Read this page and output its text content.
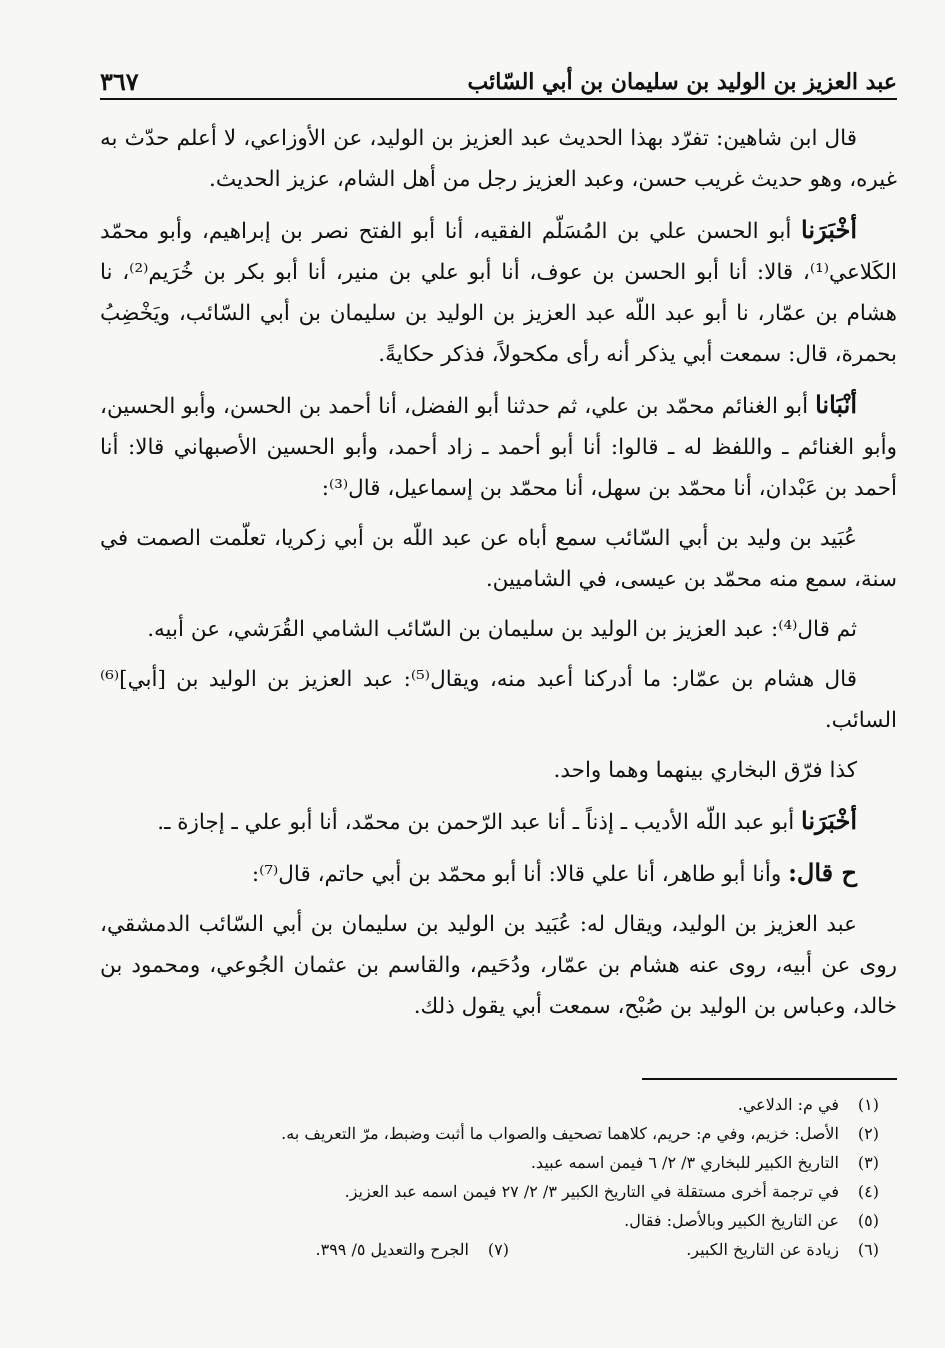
عبد العزيز بن الوليد بن سليمان بن أبي السّائب
٣٦٧

قال ابن شاهين: تفرّد بهذا الحديث عبد العزيز بن الوليد، عن الأوزاعي، لا أعلم حدّث به غيره، وهو حديث غريب حسن، وعبد العزيز رجل من أهل الشام، عزيز الحديث.

أخْبَرَنا أبو الحسن علي بن المُسَلّم الفقيه، أنا أبو الفتح نصر بن إبراهيم، وأبو محمّد الكَلاعي⁽¹⁾، قالا: أنا أبو الحسن بن عوف، أنا أبو علي بن منير، أنا أبو بكر بن خُرَيم⁽²⁾، نا هشام بن عمّار، نا أبو عبد اللّه عبد العزيز بن الوليد بن سليمان بن أبي السّائب، ويَخْضِبُ بحمرة، قال: سمعت أبي يذكر أنه رأى مكحولاً، فذكر حكايةً.

أنْبَانا أبو الغنائم محمّد بن علي، ثم حدثنا أبو الفضل، أنا أحمد بن الحسن، وأبو الحسين، وأبو الغنائم ـ واللفظ له ـ قالوا: أنا أبو أحمد ـ زاد أحمد، وأبو الحسين الأصبهاني قالا: أنا أحمد بن عَبْدان، أنا محمّد بن سهل، أنا محمّد بن إسماعيل، قال⁽³⁾:

عُبَيد بن وليد بن أبي السّائب سمع أباه عن عبد اللّه بن أبي زكريا، تعلّمت الصمت في سنة، سمع منه محمّد بن عيسى، في الشاميين.

ثم قال⁽⁴⁾: عبد العزيز بن الوليد بن سليمان بن السّائب الشامي القُرَشي، عن أبيه.

قال هشام بن عمّار: ما أدركنا أعبد منه، ويقال⁽⁵⁾: عبد العزيز بن الوليد بن [أبي]⁽⁶⁾ السائب.

كذا فرّق البخاري بينهما وهما واحد.

أخْبَرَنا أبو عبد اللّه الأديب ـ إذناً ـ أنا عبد الرّحمن بن محمّد، أنا أبو علي ـ إجازة ـ.

ح قال: وأنا أبو طاهر، أنا علي قالا: أنا أبو محمّد بن أبي حاتم، قال⁽⁷⁾:

عبد العزيز بن الوليد، ويقال له: عُبَيد بن الوليد بن سليمان بن أبي السّائب الدمشقي، روى عن أبيه، روى عنه هشام بن عمّار، ودُحَيم، والقاسم بن عثمان الجُوعي، ومحمود بن خالد، وعباس بن الوليد بن صُبْح، سمعت أبي يقول ذلك.

(١)
في م: الدلاعي.
(٢)
الأصل: خزيم، وفي م: حريم، كلاهما تصحيف والصواب ما أثبت وضبط، مرّ التعريف به.
(٣)
التاريخ الكبير للبخاري ٣/ ٢/ ٦ فيمن اسمه عبيد.
(٤)
في ترجمة أخرى مستقلة في التاريخ الكبير ٣/ ٢/ ٢٧ فيمن اسمه عبد العزيز.
(٥)
عن التاريخ الكبير وبالأصل: فقال.
(٦)
زيادة عن التاريخ الكبير.
(٧)
الجرح والتعديل ٥/ ٣٩٩.
